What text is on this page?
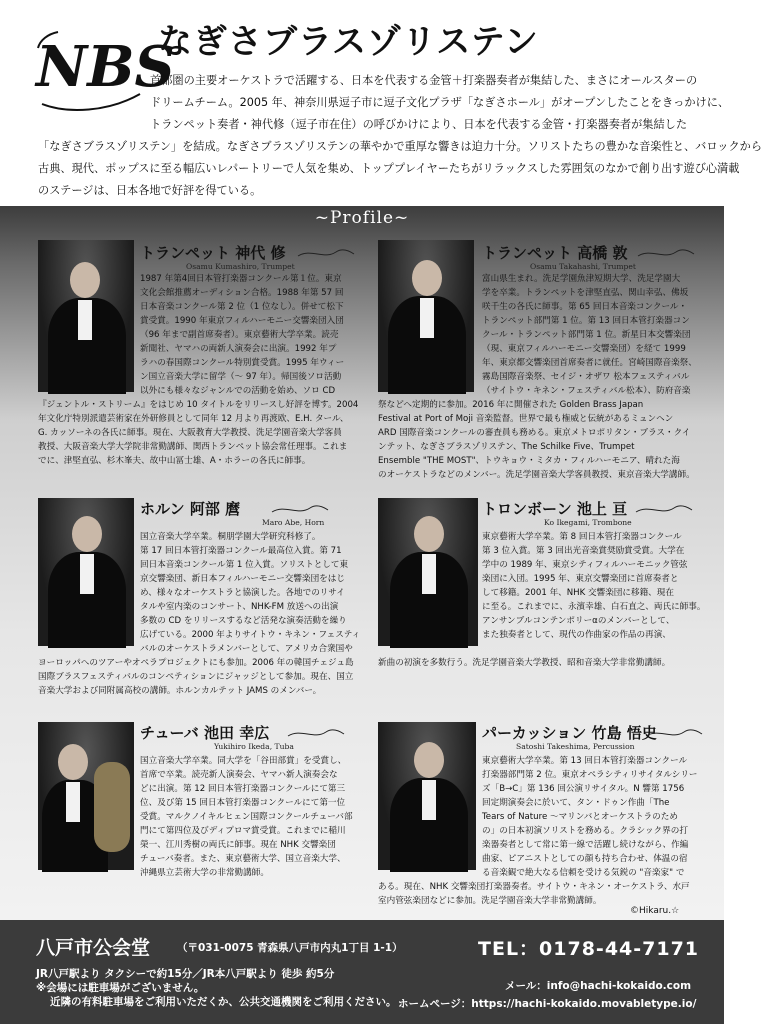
NBS
なぎさブラスゾリステン
首都圏の主要オーケストラで活躍する、日本を代表する金管＋打楽器奏者が集結した、まさにオールスターの
ドリームチーム。2005 年、神奈川県逗子市に逗子文化プラザ「なぎさホール」がオープンしたことをきっかけに、
トランペット奏者・神代修（逗子市在住）の呼びかけにより、日本を代表する金管・打楽器奏者が集結した
「なぎさブラスゾリステン」を結成。なぎさブラスゾリステンの華やかで重厚な響きは迫力十分。ソリストたちの豊かな音楽性と、バロックから
古典、現代、ポップスに至る幅広いレパートリーで人気を集め、トッププレイヤーたちがリラックスした雰囲気のなかで創り出す遊び心満載
のステージは、日本各地で好評を得ている。
~Profile~
トランペット 神代 修
Osamu Kumashiro, Trumpet
1987 年第4回日本管打楽器コンクール第１位。東京
文化会館推薦オーディション合格。1988 年第 57 回
日本音楽コンクール第 2 位（1 位なし）。併せて松下
賞受賞。1990 年東京フィルハーモニー交響楽団入団
（96 年まで副首席奏者）。東京藝術大学卒業。読売
新聞社、ヤマハの両新人演奏会に出演。1992 年プ
ラハの春国際コンクール特別賞受賞。1995 年ウィー
ン国立音楽大学に留学（～ 97 年）。帰国後ソロ活動
以外にも様々なジャンルでの活動を始め、ソロ CD
『ジェントル・ストリーム』をはじめ 10 タイトルをリリースし好評を博す。2004
年文化庁特別派遣芸術家在外研修員として同年 12 月より再渡欧、E.H. タール、
G. カッソーネの各氏に師事。現在、大阪教育大学教授、洗足学園音楽大学客員
教授、大阪音楽大学大学院非常勤講師、関西トランペット協会常任理事。これま
でに、津堅直弘、杉木峯夫、故中山冨士雄、A・ホラーの各氏に師事。
トランペット 高橋 敦
Osamu Takahashi, Trumpet
富山県生まれ。洗足学園魚津短期大学、洗足学園大
学を卒業。トランペットを津堅直弘、関山幸弘、佛坂
咲千生の各氏に師事。第 65 回日本音楽コンクール・
トランペット部門第 1 位。第 13 回日本管打楽器コン
クール・トランペット部門第 1 位。新星日本交響楽団
（現、東京フィルハーモニー交響楽団）を経て 1999
年、東京都交響楽団首席奏者に就任。宮崎国際音楽祭、
霧島国際音楽祭、セイジ・オザワ 松本フェスティバル
（サイトウ・キネン・フェスティバル松本）、防府音楽
祭などへ定期的に参加。2016 年に開催された Golden Brass Japan
Festival at Port of Moji 音楽監督。世界で最も権威と伝統があるミュンヘン
ARD 国際音楽コンクールの審査員も務める。東京メトロポリタン・ブラス・クイ
ンテット、なぎさブラスゾリステン、The Schilke Five、Trumpet
Ensemble "THE MOST"、トウキョウ・ミタカ・フィルハーモニア、晴れた海
のオーケストラなどのメンバー。洗足学園音楽大学客員教授、東京音楽大学講師。
ホルン 阿部 麿
Maro Abe, Horn
国立音楽大学卒業。桐朋学園大学研究科修了。
第 17 回日本管打楽器コンクール最高位入賞。第 71
回日本音楽コンクール第 1 位入賞。ソリストとして東
京交響楽団、新日本フィルハーモニー交響楽団をはじ
め、様々なオーケストラと協演した。各地でのリサイ
タルや室内楽のコンサート、NHK-FM 放送への出演
多数の CD をリリースするなど活発な演奏活動を繰り
広げている。2000 年よりサイトウ・キネン・フェスティ
バルのオーケストラメンバーとして、アメリカ合衆国や
ヨーロッパへのツアーやオペラプロジェクトにも参加。2006 年の韓国チェジュ島
国際ブラスフェスティバルのコンペティションにジャッジとして参加。現在、国立
音楽大学および同附属高校の講師。ホルンカルテット JAMS のメンバー。
トロンボーン 池上 亘
Ko Ikegami, Trombone
東京藝術大学卒業。第 8 回日本管打楽器コンクール
第 3 位入賞。第 3 回出光音楽賞奨励賞受賞。大学在
学中の 1989 年、東京シティフィルハーモニック管弦
楽団に入団。1995 年、東京交響楽団に首席奏者と
して移籍。2001 年、NHK 交響楽団に移籍、現在
に至る。これまでに、永濱幸雄、白石直之、両氏に師事。
アンサンブルコンテンポリーαのメンバーとして、
また独奏者として、現代の作曲家の作品の再演、
新曲の初演を多数行う。洗足学園音楽大学教授、昭和音楽大学非常勤講師。
チューバ 池田 幸広
Yukihiro Ikeda, Tuba
国立音楽大学卒業。同大学を「谷田部賞」を受賞し、
首席で卒業。読売新人演奏会、ヤマハ新人演奏会な
どに出演。第 12 回日本管打楽器コンクールにて第三
位、及び第 15 回日本管打楽器コンクールにて第一位
受賞。マルクノイキルヒェン国際コンクールチューバ部
門にて第四位及びディプロマ賞受賞。これまでに稲川
榮一、江川秀樹の両氏に師事。現在 NHK 交響楽団
チューバ奏者。また、東京藝術大学、国立音楽大学、
沖縄県立芸術大学の非常勤講師。
パーカッション 竹島 悟史
Satoshi Takeshima, Percussion
東京藝術大学卒業。第 13 回日本管打楽器コンクール
打楽器部門第 2 位。東京オペラシティリサイタルシリー
ズ「B→C」第 136 回公演リサイタル。N 響第 1756
回定期演奏会に於いて、タン・ドゥン作曲「The
Tears of Nature ～マリンバとオーケストラのため
の」の日本初演ソリストを務める。クラシック界の打
楽器奏者として常に第一線で活躍し続けながら、作編
曲家、ピアニストとしての顔も持ち合わせ、体温の宿
る音楽観で絶大なる信頼を受ける気鋭の "音楽家" で
ある。現在、NHK 交響楽団打楽器奏者。サイトウ・キネン・オーケストラ、水戸
室内管弦楽団などに参加。洗足学園音楽大学非常勤講師。
©Hikaru.☆
八戸市公会堂	（〒031-0075 青森県八戸市内丸1丁目 1-1）	TEL：0178-44-7171
JR八戸駅より タクシーで約15分／JR本八戸駅より 徒歩 約5分
※会場には駐車場がございません。
近隣の有料駐車場をご利用いただくか、公共交通機関をご利用ください。
メール：info@hachi-kokaido.com
ホームページ：https://hachi-kokaido.movabletype.io/
